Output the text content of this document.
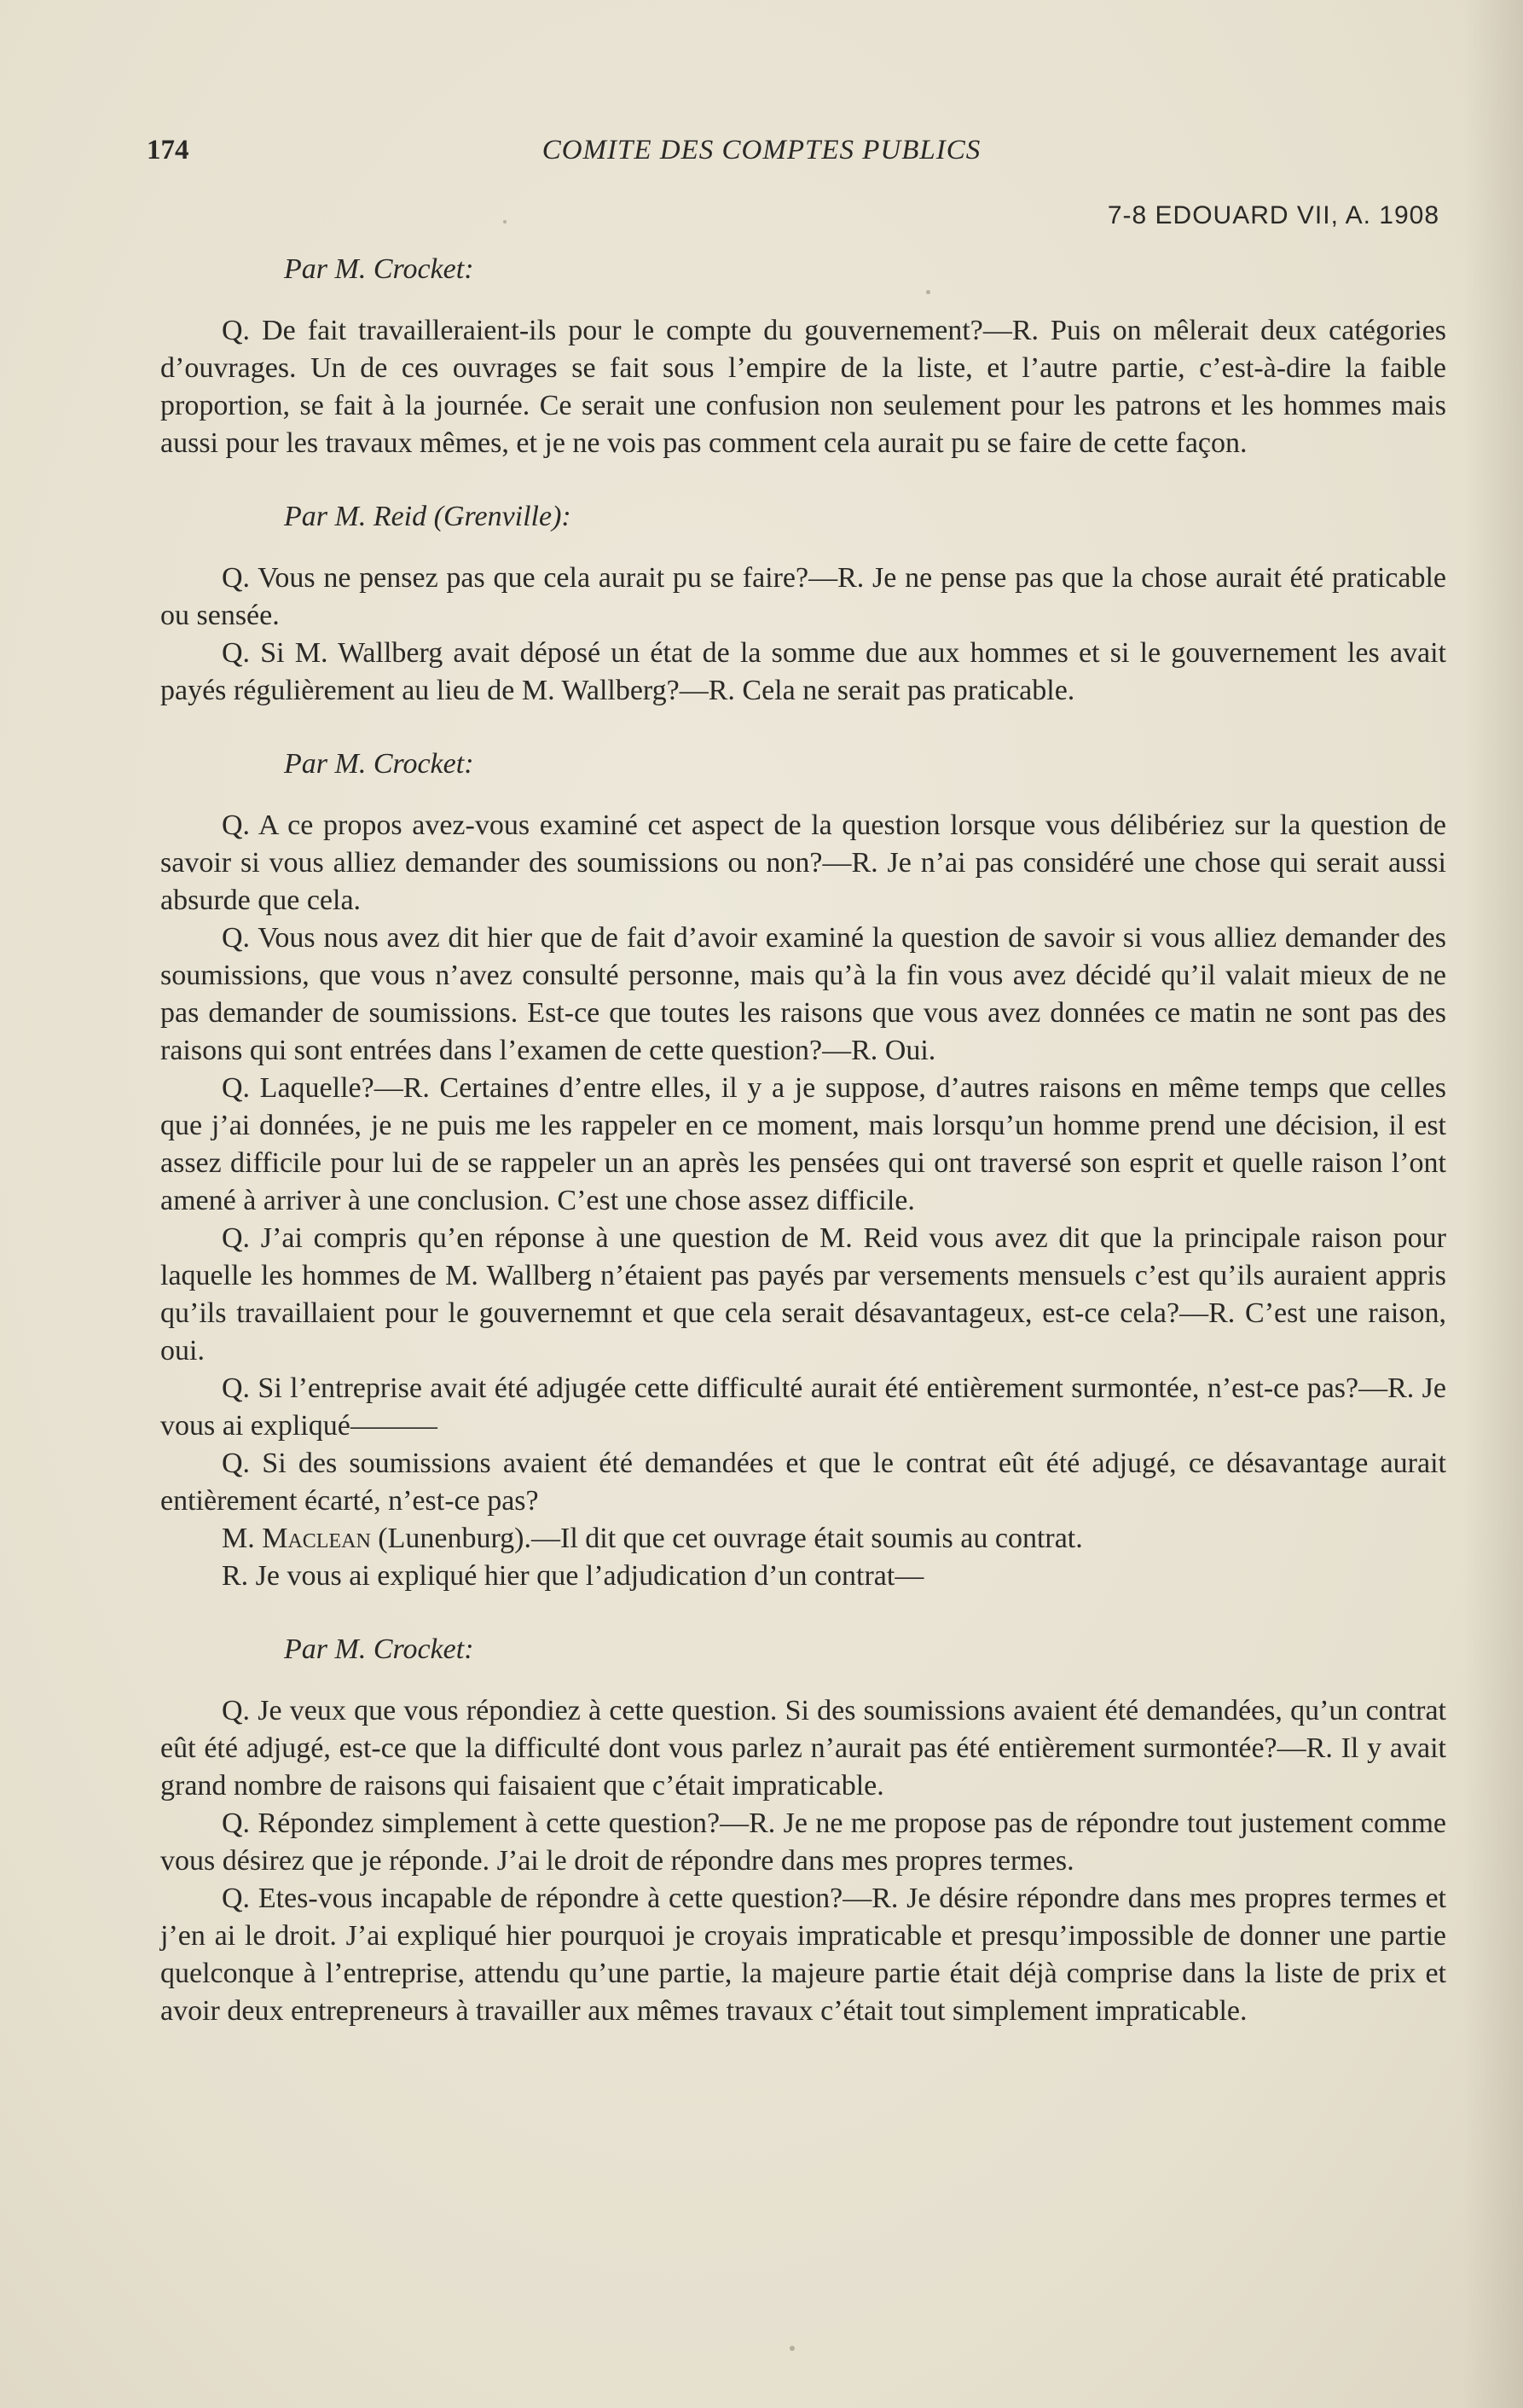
174	COMITE DES COMPTES PUBLICS
7-8 EDOUARD VII, A. 1908

Par M. Crocket:

Q. De fait travailleraient-ils pour le compte du gouvernement?—R. Puis on mêlerait deux catégories d’ouvrages. Un de ces ouvrages se fait sous l’empire de la liste, et l’autre partie, c’est-à-dire la faible proportion, se fait à la journée. Ce serait une confusion non seulement pour les patrons et les hommes mais aussi pour les travaux mêmes, et je ne vois pas comment cela aurait pu se faire de cette façon.

Par M. Reid (Grenville):

Q. Vous ne pensez pas que cela aurait pu se faire?—R. Je ne pense pas que la chose aurait été praticable ou sensée.

Q. Si M. Wallberg avait déposé un état de la somme due aux hommes et si le gouvernement les avait payés régulièrement au lieu de M. Wallberg?—R. Cela ne serait pas praticable.

Par M. Crocket:

Q. A ce propos avez-vous examiné cet aspect de la question lorsque vous délibériez sur la question de savoir si vous alliez demander des soumissions ou non?—R. Je n’ai pas considéré une chose qui serait aussi absurde que cela.

Q. Vous nous avez dit hier que de fait d’avoir examiné la question de savoir si vous alliez demander des soumissions, que vous n’avez consulté personne, mais qu’à la fin vous avez décidé qu’il valait mieux de ne pas demander de soumissions. Est-ce que toutes les raisons que vous avez données ce matin ne sont pas des raisons qui sont entrées dans l’examen de cette question?—R. Oui.

Q. Laquelle?—R. Certaines d’entre elles, il y a je suppose, d’autres raisons en même temps que celles que j’ai données, je ne puis me les rappeler en ce moment, mais lorsqu’un homme prend une décision, il est assez difficile pour lui de se rappeler un an après les pensées qui ont traversé son esprit et quelle raison l’ont amené à arriver à une conclusion. C’est une chose assez difficile.

Q. J’ai compris qu’en réponse à une question de M. Reid vous avez dit que la principale raison pour laquelle les hommes de M. Wallberg n’étaient pas payés par versements mensuels c’est qu’ils auraient appris qu’ils travaillaient pour le gouvernemnt et que cela serait désavantageux, est-ce cela?—R. C’est une raison, oui.

Q. Si l’entreprise avait été adjugée cette difficulté aurait été entièrement surmontée, n’est-ce pas?—R. Je vous ai expliqué———

Q. Si des soumissions avaient été demandées et que le contrat eût été adjugé, ce désavantage aurait entièrement écarté, n’est-ce pas?

M. Maclean (Lunenburg).—Il dit que cet ouvrage était soumis au contrat.

R. Je vous ai expliqué hier que l’adjudication d’un contrat—

Par M. Crocket:

Q. Je veux que vous répondiez à cette question. Si des soumissions avaient été demandées, qu’un contrat eût été adjugé, est-ce que la difficulté dont vous parlez n’aurait pas été entièrement surmontée?—R. Il y avait grand nombre de raisons qui faisaient que c’était impraticable.

Q. Répondez simplement à cette question?—R. Je ne me propose pas de répondre tout justement comme vous désirez que je réponde. J’ai le droit de répondre dans mes propres termes.

Q. Etes-vous incapable de répondre à cette question?—R. Je désire répondre dans mes propres termes et j’en ai le droit. J’ai expliqué hier pourquoi je croyais impraticable et presqu’impossible de donner une partie quelconque à l’entreprise, attendu qu’une partie, la majeure partie était déjà comprise dans la liste de prix et avoir deux entrepreneurs à travailler aux mêmes travaux c’était tout simplement impraticable.
